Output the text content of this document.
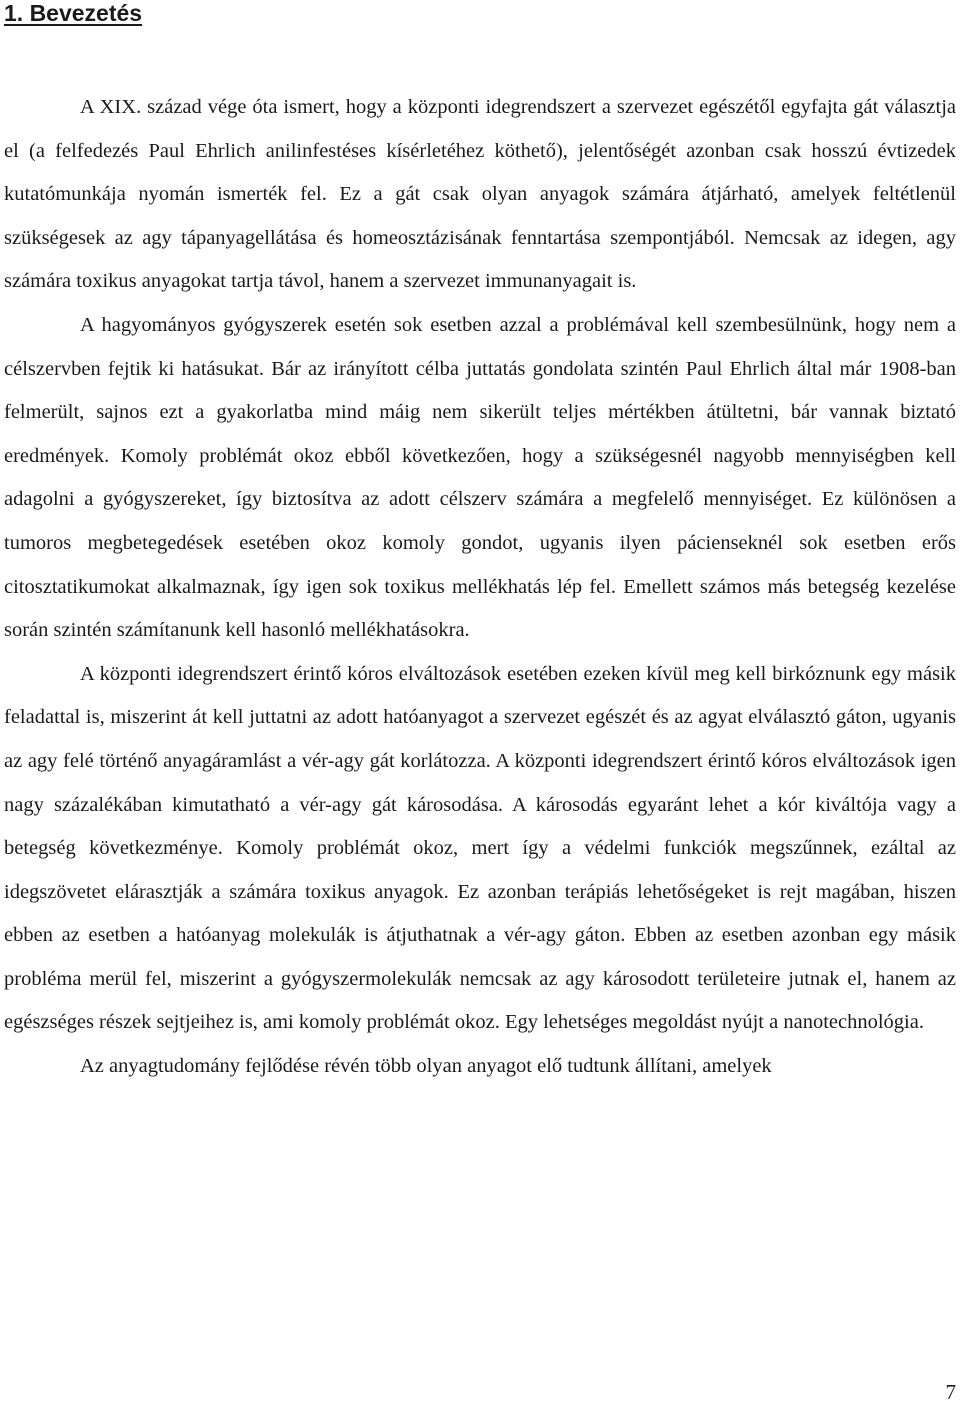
1. Bevezetés

A XIX. század vége óta ismert, hogy a központi idegrendszert a szervezet egészétől egyfajta gát választja el (a felfedezés Paul Ehrlich anilinfestéses kísérletéhez köthető), jelentőségét azonban csak hosszú évtizedek kutatómunkája nyomán ismerték fel. Ez a gát csak olyan anyagok számára átjárható, amelyek feltétlenül szükségesek az agy tápanyagellátása és homeosztázisának fenntartása szempontjából. Nemcsak az idegen, agy számára toxikus anyagokat tartja távol, hanem a szervezet immunanyagait is.

A hagyományos gyógyszerek esetén sok esetben azzal a problémával kell szembesülnünk, hogy nem a célszervben fejtik ki hatásukat. Bár az irányított célba juttatás gondolata szintén Paul Ehrlich által már 1908-ban felmerült, sajnos ezt a gyakorlatba mind máig nem sikerült teljes mértékben átültetni, bár vannak biztató eredmények. Komoly problémát okoz ebből következően, hogy a szükségesnél nagyobb mennyiségben kell adagolni a gyógyszereket, így biztosítva az adott célszerv számára a megfelelő mennyiséget. Ez különösen a tumoros megbetegedések esetében okoz komoly gondot, ugyanis ilyen pácienseknél sok esetben erős citosztatikumokat alkalmaznak, így igen sok toxikus mellékhatás lép fel. Emellett számos más betegség kezelése során szintén számítanunk kell hasonló mellékhatásokra.

A központi idegrendszert érintő kóros elváltozások esetében ezeken kívül meg kell birkóznunk egy másik feladattal is, miszerint át kell juttatni az adott hatóanyagot a szervezet egészét és az agyat elválasztó gáton, ugyanis az agy felé történő anyagáramlást a vér-agy gát korlátozza. A központi idegrendszert érintő kóros elváltozások igen nagy százalékában kimutatható a vér-agy gát károsodása. A károsodás egyaránt lehet a kór kiváltója vagy a betegség következménye. Komoly problémát okoz, mert így a védelmi funkciók megszűnnek, ezáltal az idegszövetet elárasztják a számára toxikus anyagok. Ez azonban terápiás lehetőségeket is rejt magában, hiszen ebben az esetben a hatóanyag molekulák is átjuthatnak a vér-agy gáton. Ebben az esetben azonban egy másik probléma merül fel, miszerint a gyógyszermolekulák nemcsak az agy károsodott területeire jutnak el, hanem az egészséges részek sejtjeihez is, ami komoly problémát okoz. Egy lehetséges megoldást nyújt a nanotechnológia.

Az anyagtudomány fejlődése révén több olyan anyagot elő tudtunk állítani, amelyek

7
